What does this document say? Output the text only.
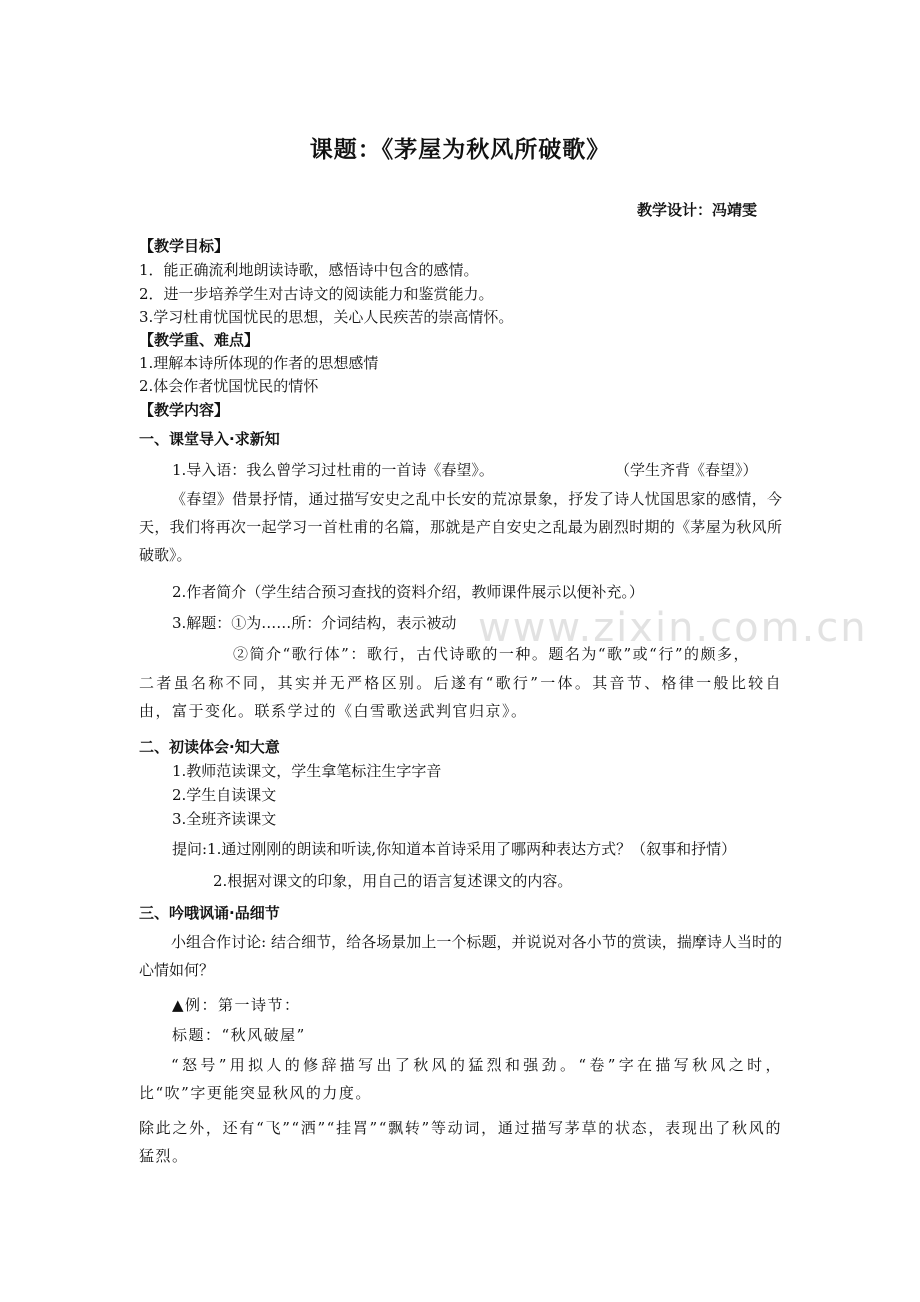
www.zixin.com.cn
课题：《茅屋为秋风所破歌》
教学设计：冯靖雯
【教学目标】
1．能正确流利地朗读诗歌，感悟诗中包含的感情。
2．进一步培养学生对古诗文的阅读能力和鉴赏能力。
3.学习杜甫忧国忧民的思想，关心人民疾苦的崇高情怀。
【教学重、难点】
1.理解本诗所体现的作者的思想感情
2.体会作者忧国忧民的情怀
【教学内容】
一、课堂导入·求新知
1.导入语：我么曾学习过杜甫的一首诗《春望》。	（学生齐背《春望》）
《春望》借景抒情，通过描写安史之乱中长安的荒凉景象，抒发了诗人忧国思家的感情，今天，我们将再次一起学习一首杜甫的名篇，那就是产自安史之乱最为剧烈时期的《茅屋为秋风所破歌》。
2.作者简介（学生结合预习查找的资料介绍，教师课件展示以便补充。）
3.解题：①为……所：介词结构，表示被动
②简介“歌行体”：歌行，古代诗歌的一种。题名为“歌”或“行”的颇多，
二者虽名称不同，其实并无严格区别。后遂有“歌行”一体。其音节、格律一般比较自由，富于变化。联系学过的《白雪歌送武判官归京》。
二、初读体会·知大意
1.教师范读课文，学生拿笔标注生字字音
2.学生自读课文
3.全班齐读课文
提问:1.通过刚刚的朗读和听读,你知道本首诗采用了哪两种表达方式？（叙事和抒情）
2.根据对课文的印象，用自己的语言复述课文的内容。
三、吟哦讽诵·品细节
小组合作讨论: 结合细节，给各场景加上一个标题，并说说对各小节的赏读，揣摩诗人当时的心情如何？
▲例：第一诗节：
标题：“秋风破屋”
“怒号”用拟人的修辞描写出了秋风的猛烈和强劲。“卷”字在描写秋风之时，比“吹”字更能突显秋风的力度。
除此之外，还有“飞”“洒”“挂罥”“飘转”等动词，通过描写茅草的状态，表现出了秋风的猛烈。
